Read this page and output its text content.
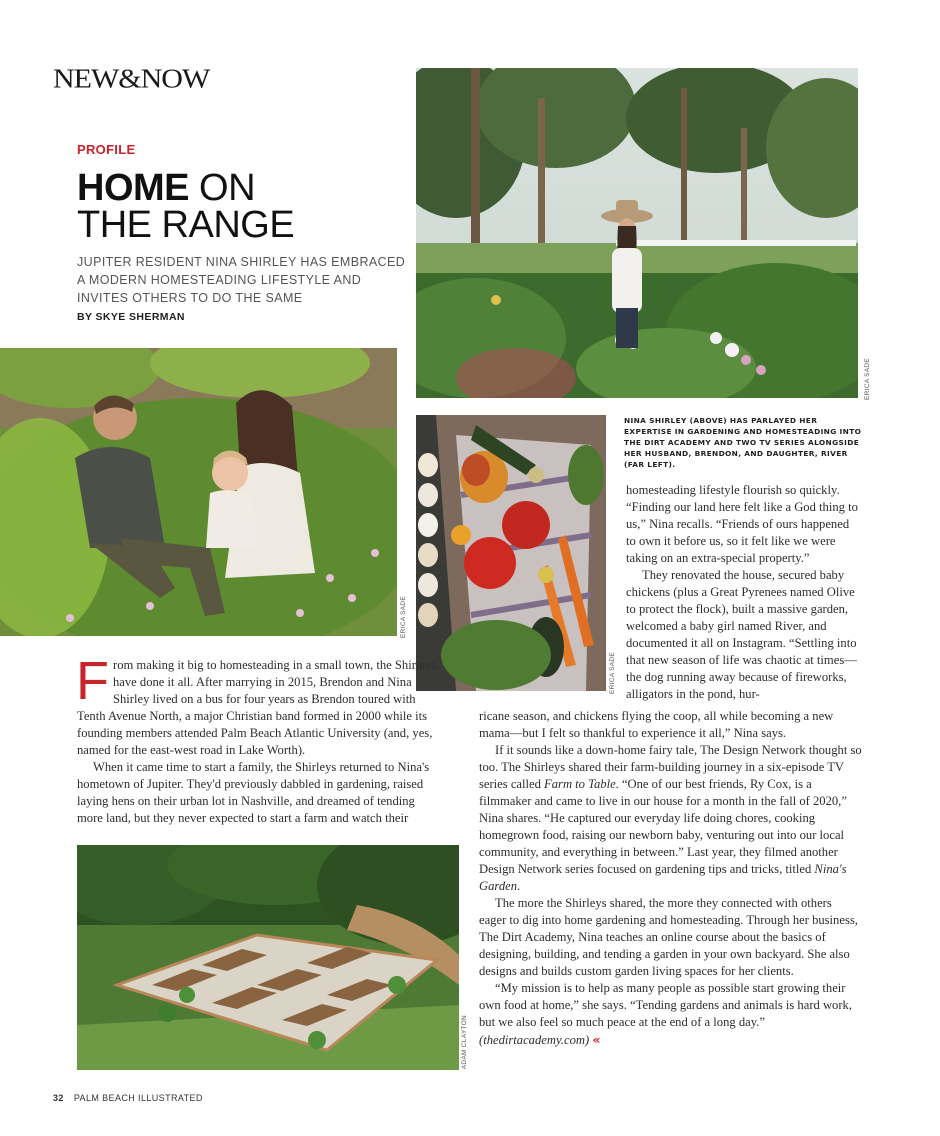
NEW&NOW
PROFILE
HOME ON
THE RANGE
JUPITER RESIDENT NINA SHIRLEY HAS EMBRACED A MODERN HOMESTEADING LIFESTYLE AND INVITES OTHERS TO DO THE SAME
BY SKYE SHERMAN
ERICA SADE
ERICA SADE
ERICA SADE
NINA SHIRLEY (ABOVE) HAS PARLAYED HER EXPERTISE IN GARDENING AND HOMESTEADING INTO THE DIRT ACADEMY AND TWO TV SERIES ALONGSIDE HER HUSBAND, BRENDON, AND DAUGHTER, RIVER (FAR LEFT).

From making it big to homesteading in a small town, the Shirleys have done it all. After marrying in 2015, Brendon and Nina Shirley lived on a bus for four years as Brendon toured with Tenth Avenue North, a major Christian band formed in 2000 while its founding members attended Palm Beach Atlantic University (and, yes, named for the east-west road in Lake Worth).

When it came time to start a family, the Shirleys returned to Nina's hometown of Jupiter. They'd previously dabbled in gardening, raised laying hens on their urban lot in Nashville, and dreamed of tending more land, but they never expected to start a farm and watch their

ADAM CLAYTON

homesteading lifestyle flourish so quickly. “Finding our land here felt like a God thing to us,” Nina recalls. “Friends of ours happened to own it before us, so it felt like we were taking on an extra-special property.”

They renovated the house, secured baby chickens (plus a Great Pyrenees named Olive to protect the flock), built a massive garden, welcomed a baby girl named River, and documented it all on Instagram. “Settling into that new season of life was chaotic at times—the dog running away because of fireworks, alligators in the pond, hur-

ricane season, and chickens flying the coop, all while becoming a new mama—but I felt so thankful to experience it all,” Nina says.

If it sounds like a down-home fairy tale, The Design Network thought so too. The Shirleys shared their farm-building journey in a six-episode TV series called Farm to Table. “One of our best friends, Ry Cox, is a filmmaker and came to live in our house for a month in the fall of 2020,” Nina shares. “He captured our everyday life doing chores, cooking homegrown food, raising our newborn baby, venturing out into our local community, and everything in between.” Last year, they filmed another Design Network series focused on gardening tips and tricks, titled Nina's Garden.

The more the Shirleys shared, the more they connected with others eager to dig into home gardening and homesteading. Through her business, The Dirt Academy, Nina teaches an online course about the basics of designing, building, and tending a garden in your own backyard. She also designs and builds custom garden living spaces for her clients.

“My mission is to help as many people as possible start growing their own food at home,” she says. “Tending gardens and animals is hard work, but we also feel so much peace at the end of a long day.” (thedirtacademy.com) «

32 PALM BEACH ILLUSTRATED
